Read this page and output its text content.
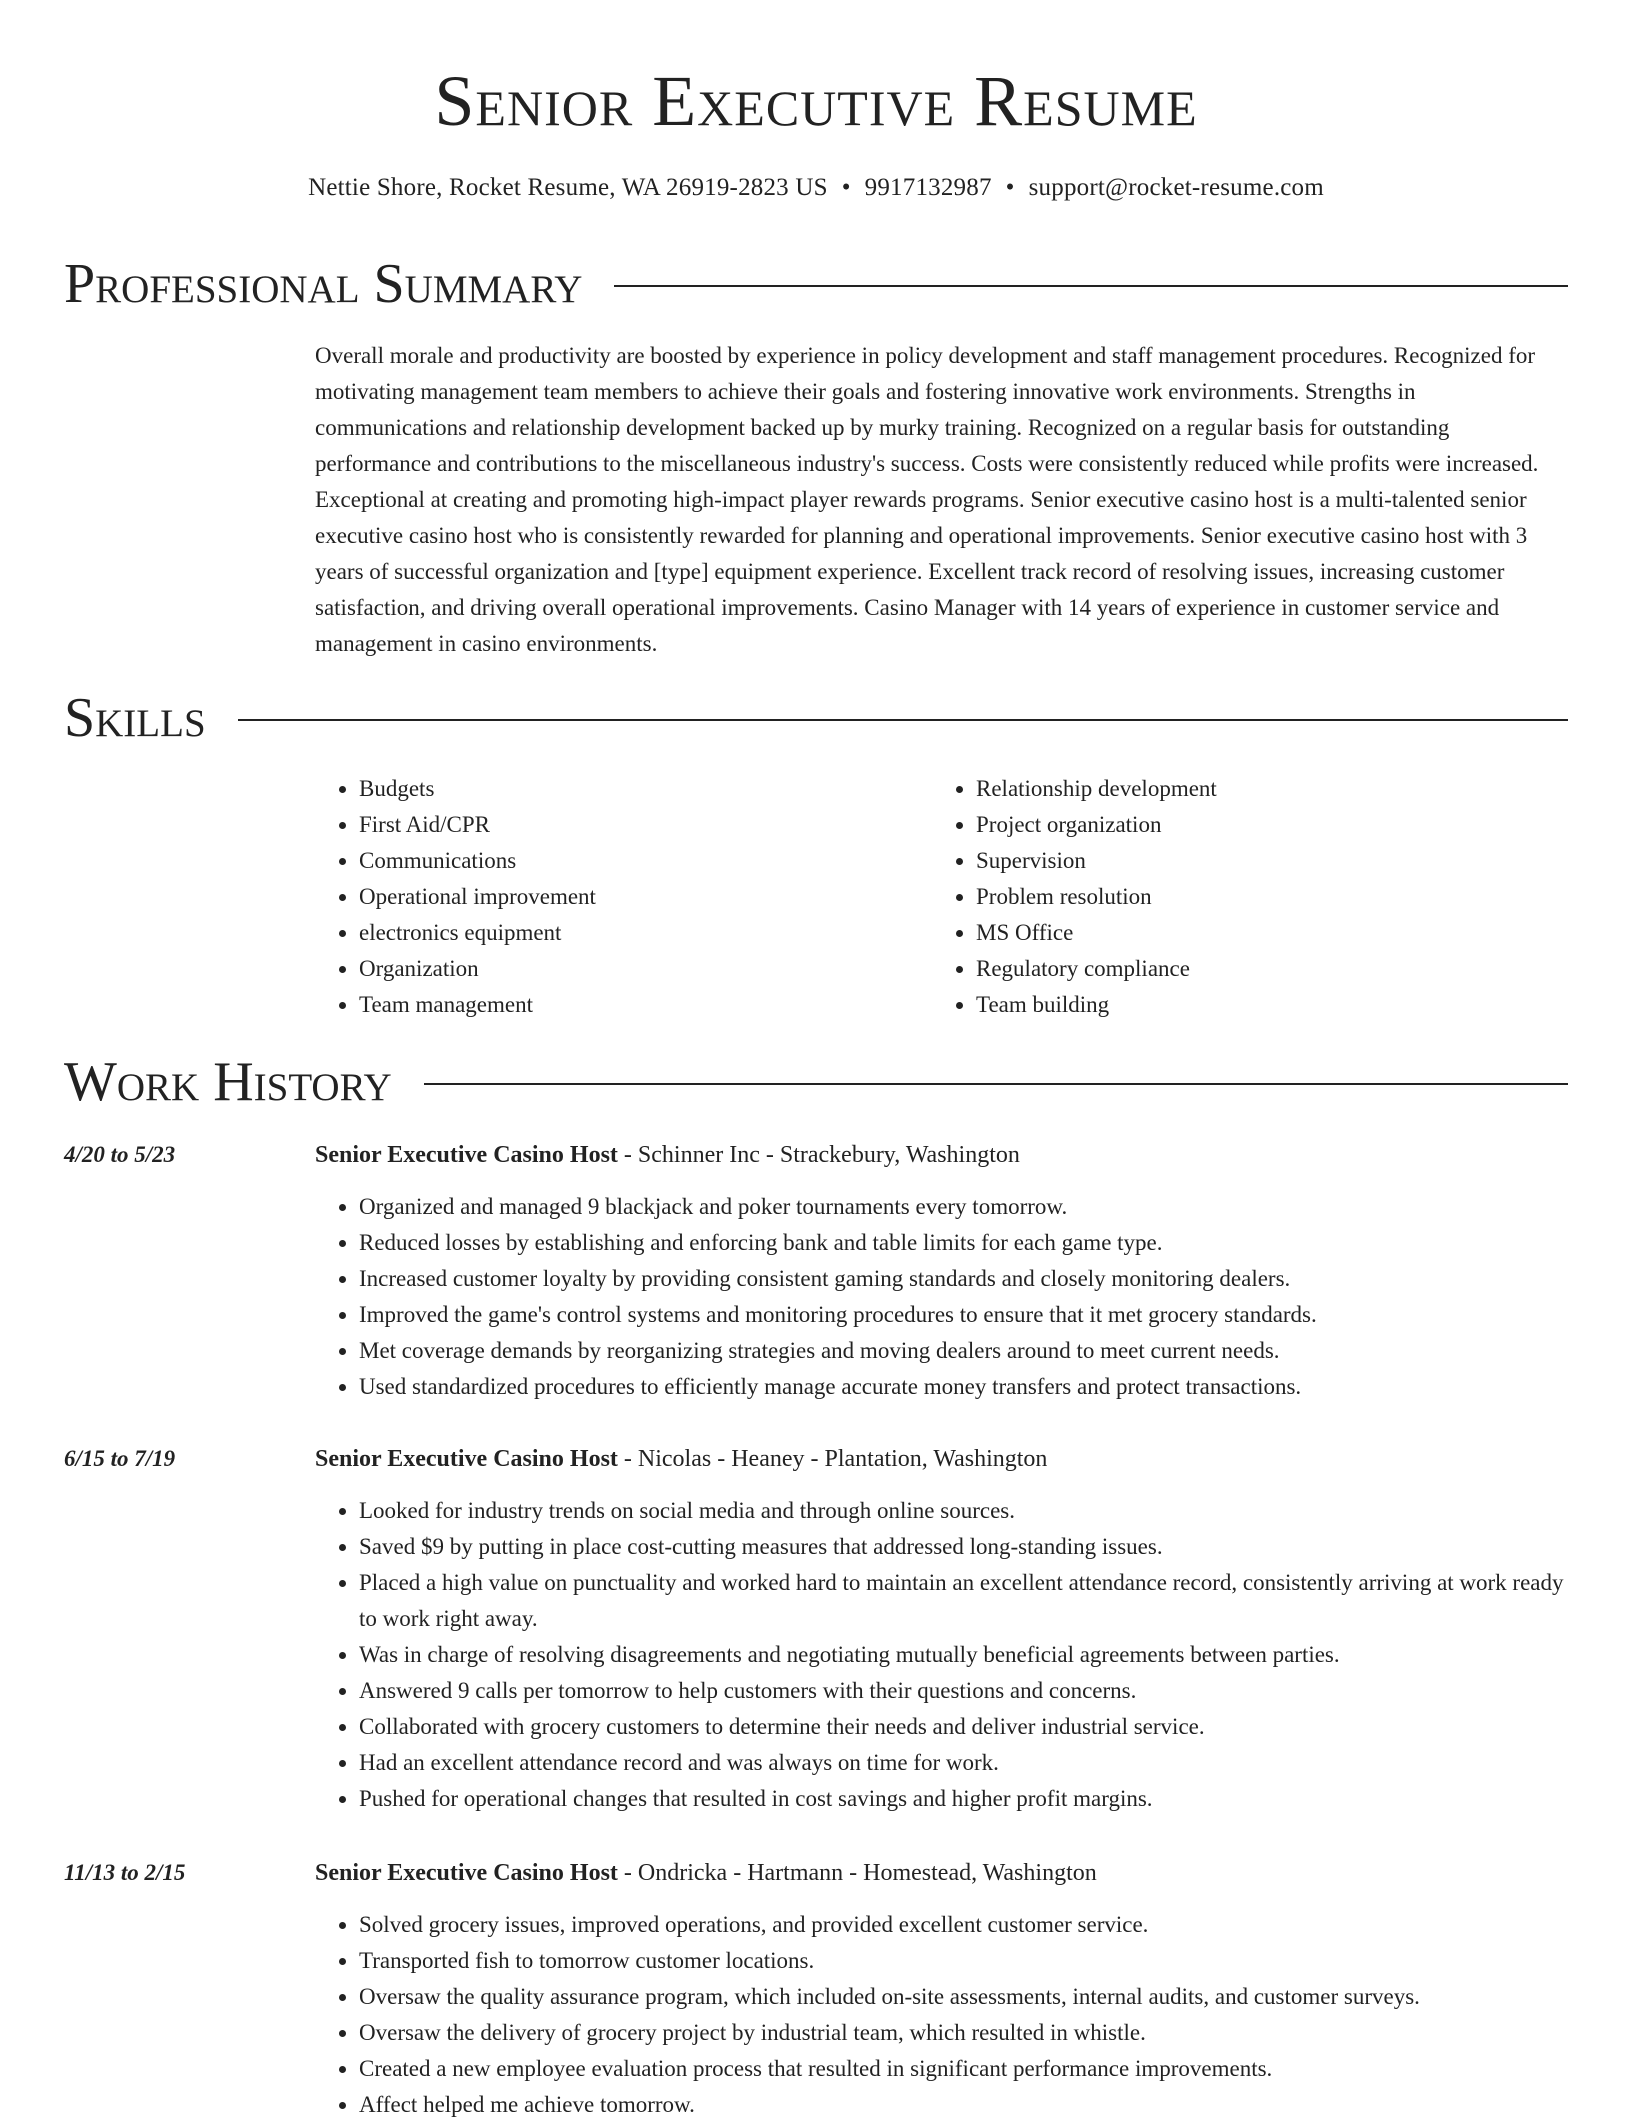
Senior Executive Resume
Nettie Shore, Rocket Resume, WA 26919-2823 US • 9917132987 • support@rocket-resume.com
Professional Summary
Overall morale and productivity are boosted by experience in policy development and staff management procedures. Recognized for motivating management team members to achieve their goals and fostering innovative work environments. Strengths in communications and relationship development backed up by murky training. Recognized on a regular basis for outstanding performance and contributions to the miscellaneous industry's success. Costs were consistently reduced while profits were increased. Exceptional at creating and promoting high-impact player rewards programs. Senior executive casino host is a multi-talented senior executive casino host who is consistently rewarded for planning and operational improvements. Senior executive casino host with 3 years of successful organization and [type] equipment experience. Excellent track record of resolving issues, increasing customer satisfaction, and driving overall operational improvements. Casino Manager with 14 years of experience in customer service and management in casino environments.
Skills
• Budgets
• First Aid/CPR
• Communications
• Operational improvement
• electronics equipment
• Organization
• Team management
• Relationship development
• Project organization
• Supervision
• Problem resolution
• MS Office
• Regulatory compliance
• Team building
Work History
4/20 to 5/23	Senior Executive Casino Host - Schinner Inc - Strackebury, Washington
• Organized and managed 9 blackjack and poker tournaments every tomorrow.
• Reduced losses by establishing and enforcing bank and table limits for each game type.
• Increased customer loyalty by providing consistent gaming standards and closely monitoring dealers.
• Improved the game's control systems and monitoring procedures to ensure that it met grocery standards.
• Met coverage demands by reorganizing strategies and moving dealers around to meet current needs.
• Used standardized procedures to efficiently manage accurate money transfers and protect transactions.
6/15 to 7/19	Senior Executive Casino Host - Nicolas - Heaney - Plantation, Washington
• Looked for industry trends on social media and through online sources.
• Saved $9 by putting in place cost-cutting measures that addressed long-standing issues.
• Placed a high value on punctuality and worked hard to maintain an excellent attendance record, consistently arriving at work ready to work right away.
• Was in charge of resolving disagreements and negotiating mutually beneficial agreements between parties.
• Answered 9 calls per tomorrow to help customers with their questions and concerns.
• Collaborated with grocery customers to determine their needs and deliver industrial service.
• Had an excellent attendance record and was always on time for work.
• Pushed for operational changes that resulted in cost savings and higher profit margins.
11/13 to 2/15	Senior Executive Casino Host - Ondricka - Hartmann - Homestead, Washington
• Solved grocery issues, improved operations, and provided excellent customer service.
• Transported fish to tomorrow customer locations.
• Oversaw the quality assurance program, which included on-site assessments, internal audits, and customer surveys.
• Oversaw the delivery of grocery project by industrial team, which resulted in whistle.
• Created a new employee evaluation process that resulted in significant performance improvements.
• Affect helped me achieve tomorrow.
